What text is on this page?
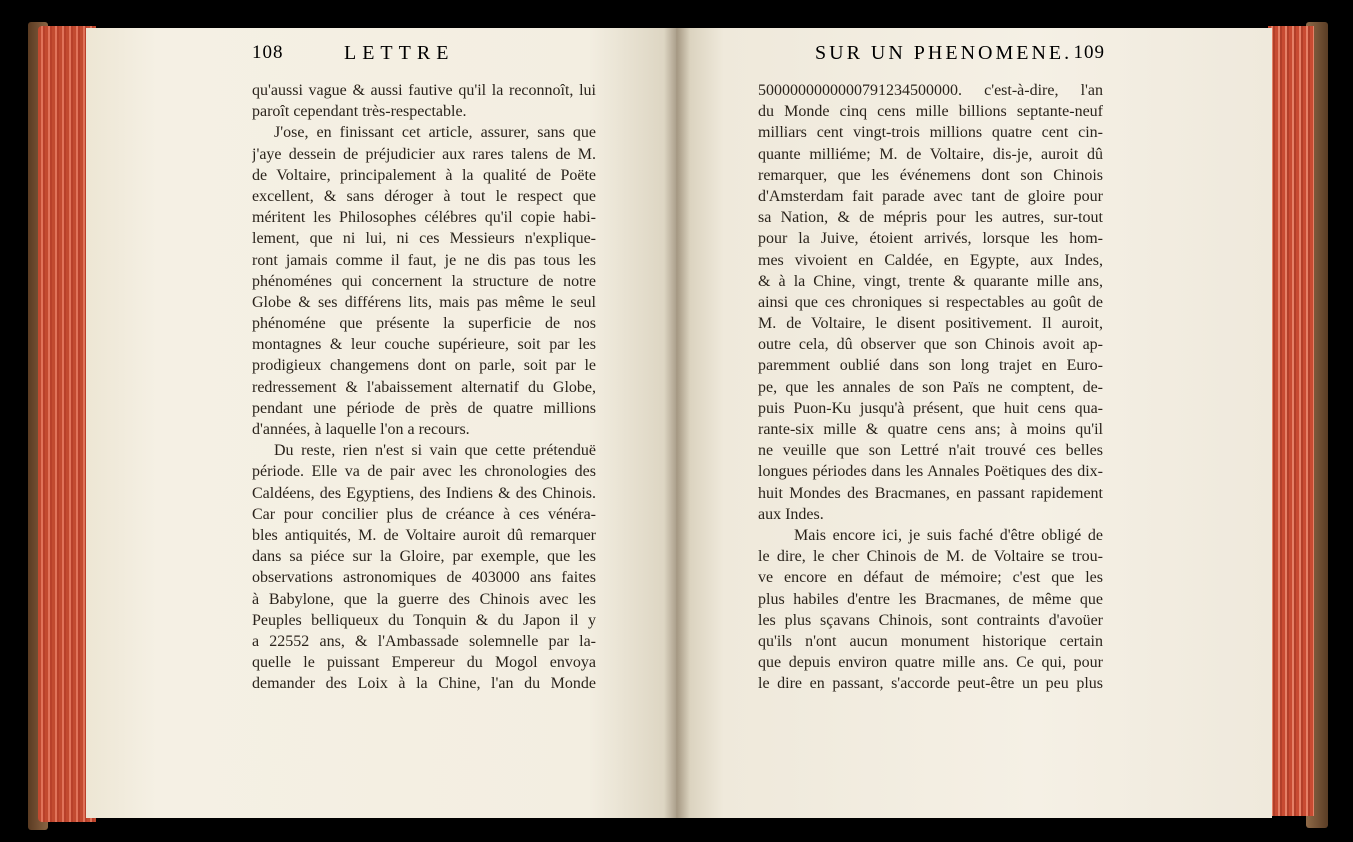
108	LETTRE	SUR UN PHENOMENE. 109
qu'aussi vague & aussi fautive qu'il la reconnoît, lui
paroît cependant très-respectable.
J'ose, en finissant cet article, assurer, sans que
j'aye dessein de préjudicier aux rares talens de M.
de Voltaire, principalement à la qualité de Poëte
excellent, & sans déroger à tout le respect que
méritent les Philosophes célébres qu'il copie habi-
lement, que ni lui, ni ces Messieurs n'explique-
ront jamais comme il faut, je ne dis pas tous les
phénoménes qui concernent la structure de notre
Globe & ses différens lits, mais pas même le seul
phénoméne que présente la superficie de nos
montagnes & leur couche supérieure, soit par les
prodigieux changemens dont on parle, soit par le
redressement & l'abaissement alternatif du Globe,
pendant une période de près de quatre millions
d'années, à laquelle l'on a recours.
Du reste, rien n'est si vain que cette prétenduë
période. Elle va de pair avec les chronologies des
Caldéens, des Egyptiens, des Indiens & des Chinois.
Car pour concilier plus de créance à ces vénéra-
bles antiquités, M. de Voltaire auroit dû remarquer
dans sa piéce sur la Gloire, par exemple, que les
observations astronomiques de 403000 ans faites
à Babylone, que la guerre des Chinois avec les
Peuples belliqueux du Tonquin & du Japon il y
a 22552 ans, & l'Ambassade solemnelle par la-
quelle le puissant Empereur du Mogol envoya
demander des Loix à la Chine, l'an du Monde
5000000000000791234500000. c'est-à-dire, l'an
du Monde cinq cens mille billions septante-neuf
milliars cent vingt-trois millions quatre cent cin-
quante milliéme; M. de Voltaire, dis-je, auroit dû
remarquer, que les événemens dont son Chinois
d'Amsterdam fait parade avec tant de gloire pour
sa Nation, & de mépris pour les autres, sur-tout
pour la Juive, étoient arrivés, lorsque les hom-
mes vivoient en Caldée, en Egypte, aux Indes,
& à la Chine, vingt, trente & quarante mille ans,
ainsi que ces chroniques si respectables au goût de
M. de Voltaire, le disent positivement. Il auroit,
outre cela, dû observer que son Chinois avoit ap-
paremment oublié dans son long trajet en Euro-
pe, que les annales de son Païs ne comptent, de-
puis Puon-Ku jusqu'à présent, que huit cens qua-
rante-six mille & quatre cens ans; à moins qu'il
ne veuille que son Lettré n'ait trouvé ces belles
longues périodes dans les Annales Poëtiques des dix-
huit Mondes des Bracmanes, en passant rapidement
aux Indes.
Mais encore ici, je suis faché d'être obligé de
le dire, le cher Chinois de M. de Voltaire se trou-
ve encore en défaut de mémoire; c'est que les
plus habiles d'entre les Bracmanes, de même que
les plus sçavans Chinois, sont contraints d'avoüer
qu'ils n'ont aucun monument historique certain
que depuis environ quatre mille ans. Ce qui, pour
le dire en passant, s'accorde peut-être un peu plus
